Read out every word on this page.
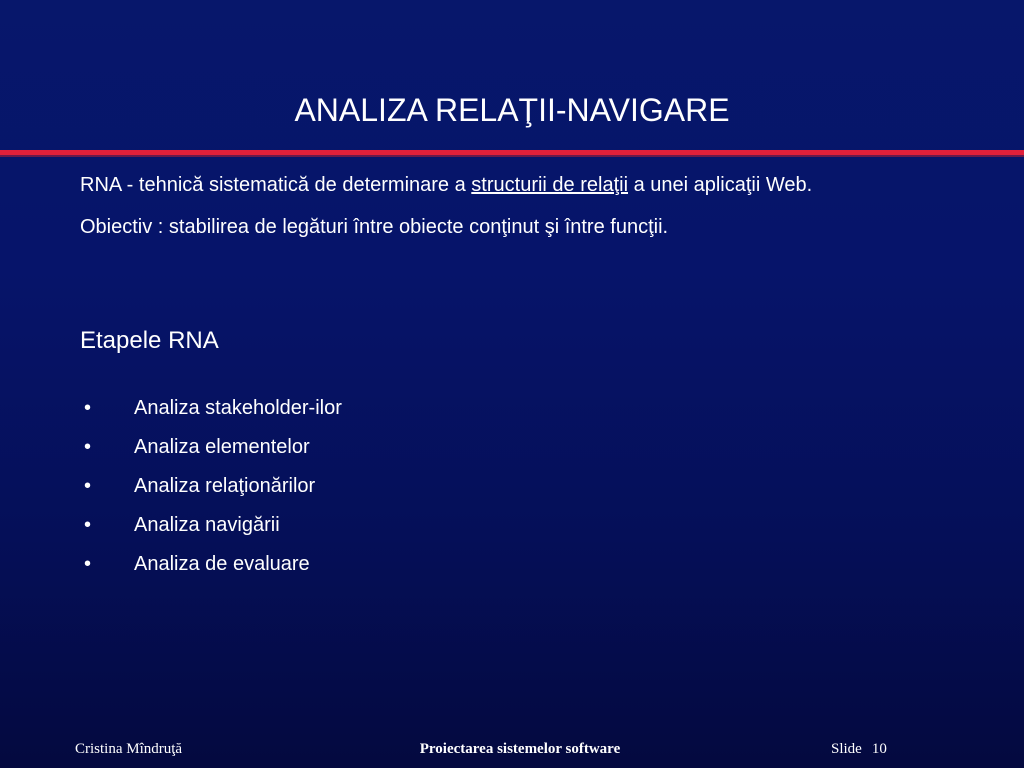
ANALIZA RELAŢII-NAVIGARE

RNA - tehnică sistematică de determinare a structurii de relaţii a unei aplicaţii Web.

Obiectiv : stabilirea de legături între obiecte conţinut şi între funcţii.

Etapele RNA
•	Analiza stakeholder-ilor
•	Analiza elementelor
•	Analiza relaţionărilor
•	Analiza navigării
•	Analiza de evaluare
Cristina Mîndruţă	Proiectarea sistemelor software	Slide 10
